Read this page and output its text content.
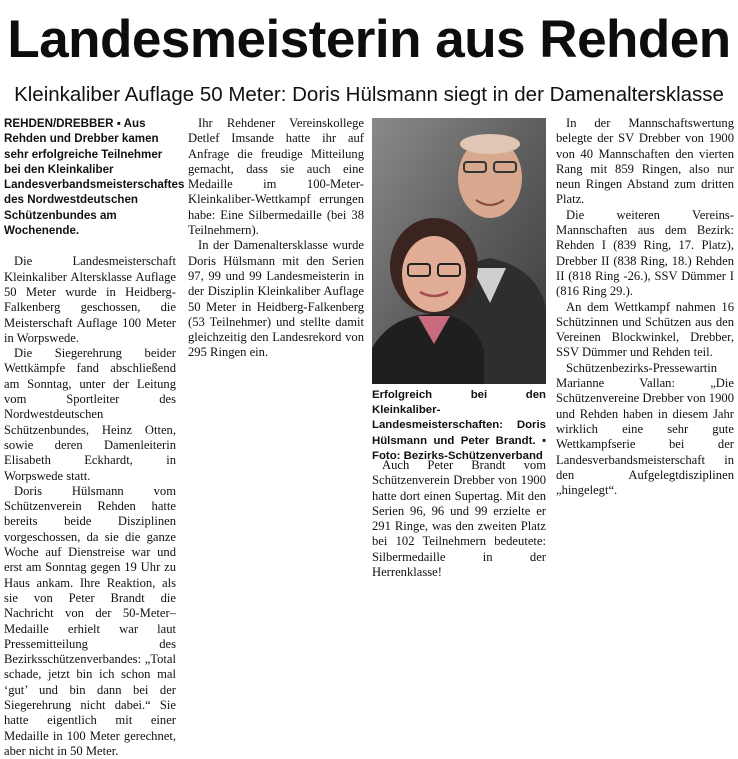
Landesmeisterin aus Rehden
Kleinkaliber Auflage 50 Meter: Doris Hülsmann siegt in der Damenaltersklasse

REHDEN/DREBBER ▪ Aus Rehden und Drebber kamen sehr erfolgreiche Teilnehmer bei den Kleinkaliber Landesverbandsmeisterschaftes des Nordwestdeutschen Schützenbundes am Wochenende.

Die Landesmeisterschaft Kleinkaliber Altersklasse Auflage 50 Meter wurde in Heidberg-Falkenberg geschossen, die Meisterschaft Auflage 100 Meter in Worpswede.

Die Siegerehrung beider Wettkämpfe fand abschließend am Sonntag, unter der Leitung vom Sportleiter des Nordwestdeutschen Schützenbundes, Heinz Otten, sowie deren Damenleiterin Elisabeth Eckhardt, in Worpswede statt.

Doris Hülsmann vom Schützenverein Rehden hatte bereits beide Disziplinen vorgeschossen, da sie die ganze Woche auf Dienstreise war und erst am Sonntag gegen 19 Uhr zu Haus ankam. Ihre Reaktion, als sie von Peter Brandt die Nachricht von der 50-Meter–Medaille erhielt war laut Pressemitteilung des Bezirksschützenverbandes: „Total schade, jetzt bin ich schon mal ‘gut’ und bin dann bei der Siegerehrung nicht dabei.“ Sie hatte eigentlich mit einer Medaille in 100 Meter gerechnet, aber nicht in 50 Meter.

Ihr Rehdener Vereinskollege Detlef Imsande hatte ihr auf Anfrage die freudige Mitteilung gemacht, dass sie auch eine Medaille im 100-Meter-Kleinkaliber-Wettkampf errungen habe: Eine Silbermedaille (bei 38 Teilnehmern).

In der Damenaltersklasse wurde Doris Hülsmann mit den Serien 97, 99 und 99 Landesmeisterin in der Disziplin Kleinkaliber Auflage 50 Meter in Heidberg-Falkenberg (53 Teilnehmer) und stellte damit gleichzeitig den Landesrekord von 295 Ringen ein.

Erfolgreich bei den Kleinkaliber-Landesmeisterschaften: Doris Hülsmann und Peter Brandt. ▪ Foto: Bezirks-Schützenverband

Auch Peter Brandt vom Schützenverein Drebber von 1900 hatte dort einen Supertag. Mit den Serien 96, 96 und 99 erzielte er 291 Ringe, was den zweiten Platz bei 102 Teilnehmern bedeutete: Silbermedaille in der Herrenklasse!

In der Mannschaftswertung belegte der SV Drebber von 1900 von 40 Mannschaften den vierten Rang mit 859 Ringen, also nur neun Ringen Abstand zum dritten Platz.

Die weiteren Vereins-Mannschaften aus dem Bezirk: Rehden I (839 Ring, 17. Platz), Drebber II (838 Ring, 18.) Rehden II (818 Ring -26.), SSV Dümmer I (816 Ring 29.).

An dem Wettkampf nahmen 16 Schützinnen und Schützen aus den Vereinen Blockwinkel, Drebber, SSV Dümmer und Rehden teil.

Schützenbezirks-Pressewartin Marianne Vallan: „Die Schützenvereine Drebber von 1900 und Rehden haben in diesem Jahr wirklich eine sehr gute Wettkampfserie bei der Landesverbandsmeisterschaft in den Aufgelegtdisziplinen „hingelegt“.
